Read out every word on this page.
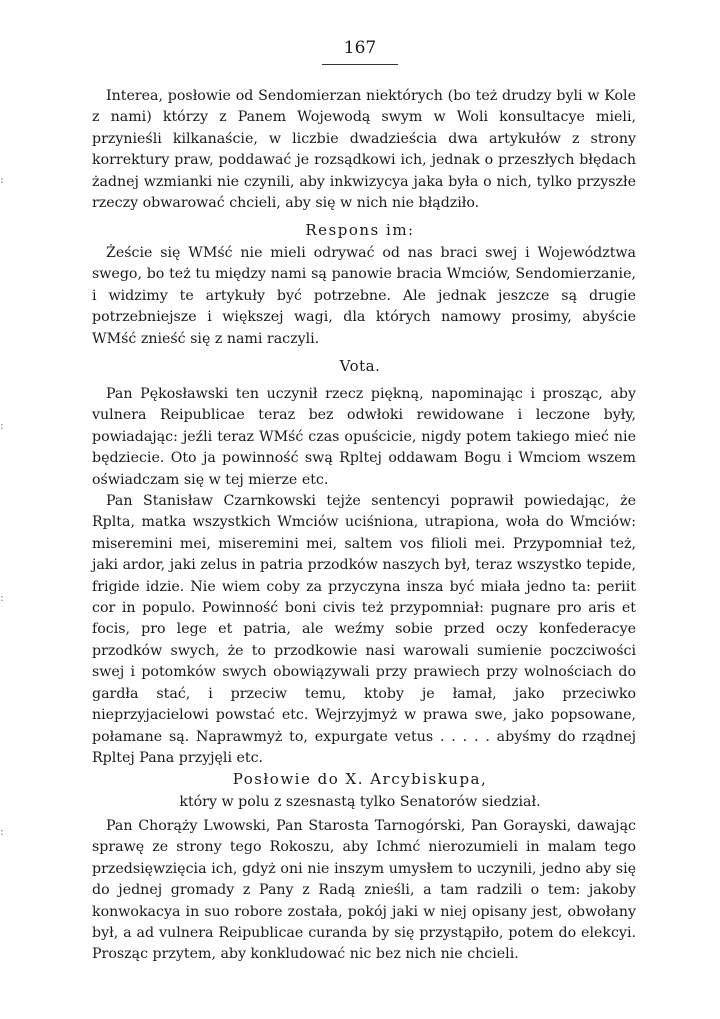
167

Interea, posłowie od Sendomierzan niektórych (bo też drudzy byli w Kole z nami) którzy z Panem Wojewodą swym w Woli konsultacye mieli, przynieśli kilkanaście, w liczbie dwadzieścia dwa artykułów z strony korrektury praw, poddawać je rozsądkowi ich, jednak o przeszłych błędach żadnej wzmianki nie czynili, aby inkwizycya jaka była o nich, tylko przyszłe rzeczy obwarować chcieli, aby się w nich nie błądziło.

Respons im:

Żeście się WMść nie mieli odrywać od nas braci swej i Województwa swego, bo też tu między nami są panowie bracia Wmciów, Sendomierzanie, i widzimy te artykuły być potrzebne. Ale jednak jeszcze są drugie potrzebniejsze i większej wagi, dla których namowy prosimy, abyście WMść znieść się z nami raczyli.

Vota.

Pan Pękosławski ten uczynił rzecz piękną, napominając i prosząc, aby vulnera Reipublicae teraz bez odwłoki rewidowane i leczone były, powiadając: jeźli teraz WMść czas opuścicie, nigdy potem takiego mieć nie będziecie. Oto ja powinność swą Rpltej oddawam Bogu i Wmciom wszem oświadczam się w tej mierze etc.

Pan Stanisław Czarnkowski tejże sentencyi poprawił powiedając, że Rplta, matka wszystkich Wmciów uciśniona, utrapiona, woła do Wmciów: miseremini mei, miseremini mei, saltem vos filioli mei. Przypomniał też, jaki ardor, jaki zelus in patria przodków naszych był, teraz wszystko tepide, frigide idzie. Nie wiem coby za przyczyna insza być miała jedno ta: periit cor in populo. Powinność boni civis też przypomniał: pugnare pro aris et focis, pro lege et patria, ale weźmy sobie przed oczy konfederacye przodków swych, że to przodkowie nasi warowali sumienie poczciwości swej i potomków swych obowiązywali przy prawiech przy wolnościach do gardła stać, i przeciw temu, ktoby je łamał, jako przeciwko nieprzyjacielowi powstać etc. Wejrzyjmyż w prawa swe, jako popsowane, połamane są. Naprawmyż to, expurgate vetus . . . . . abyśmy do rządnej Rpltej Pana przyjęli etc.

Posłowie do X. Arcybiskupa,
który w polu z szesnastą tylko Senatorów siedział.

Pan Chorąży Lwowski, Pan Starosta Tarnogórski, Pan Gorayski, dawając sprawę ze strony tego Rokoszu, aby Ichmć nierozumieli in malam tego przedsięwzięcia ich, gdyż oni nie inszym umysłem to uczynili, jedno aby się do jednej gromady z Pany z Radą znieśli, a tam radzili o tem: jakoby konwokacya in suo robore została, pokój jaki w niej opisany jest, obwołany był, a ad vulnera Reipublicae curanda by się przystąpiło, potem do elekcyi. Prosząc przytem, aby konkludować nic bez nich nie chcieli.

:
:
:
:
